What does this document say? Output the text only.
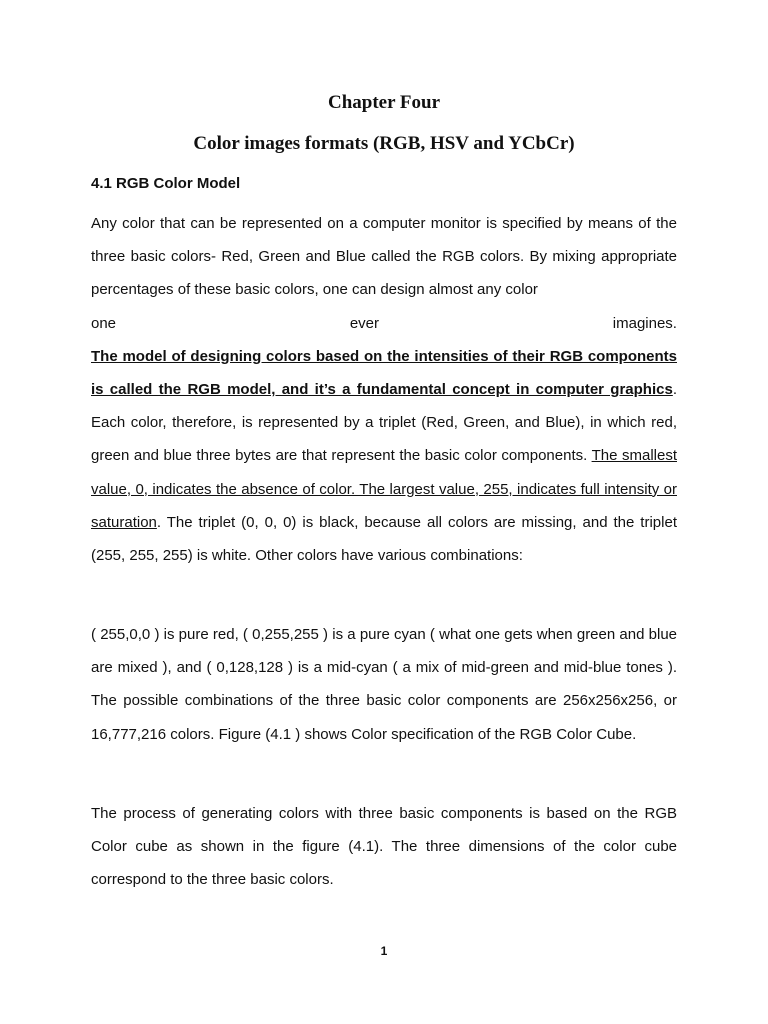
Chapter Four
Color images formats (RGB, HSV and YCbCr)
4.1 RGB Color Model
Any color that can be represented on a computer monitor is specified by means of the three basic colors- Red, Green and Blue called the RGB colors. By mixing appropriate percentages of these basic colors, one can design almost any color
one	ever	imagines.
The model of designing colors based on the intensities of their RGB components is called the RGB model, and it’s a fundamental concept in computer graphics. Each color, therefore, is represented by a triplet (Red, Green, and Blue), in which red, green and blue three bytes are that represent the basic color components. The smallest value, 0, indicates the absence of color. The largest value, 255, indicates full intensity or saturation. The triplet (0, 0, 0) is black, because all colors are missing, and the triplet (255, 255, 255) is white. Other colors have various combinations:

( 255,0,0 ) is pure red, ( 0,255,255 ) is a pure cyan ( what one gets when green and blue are mixed ), and ( 0,128,128 ) is a mid-cyan ( a mix of mid-green and mid-blue tones ). The possible combinations of the three basic color components are 256x256x256, or 16,777,216 colors. Figure (4.1 ) shows Color specification of the RGB Color Cube.

The process of generating colors with three basic components is based on the RGB Color cube as shown in the figure (4.1). The three dimensions of the color cube correspond to the three basic colors.

1
